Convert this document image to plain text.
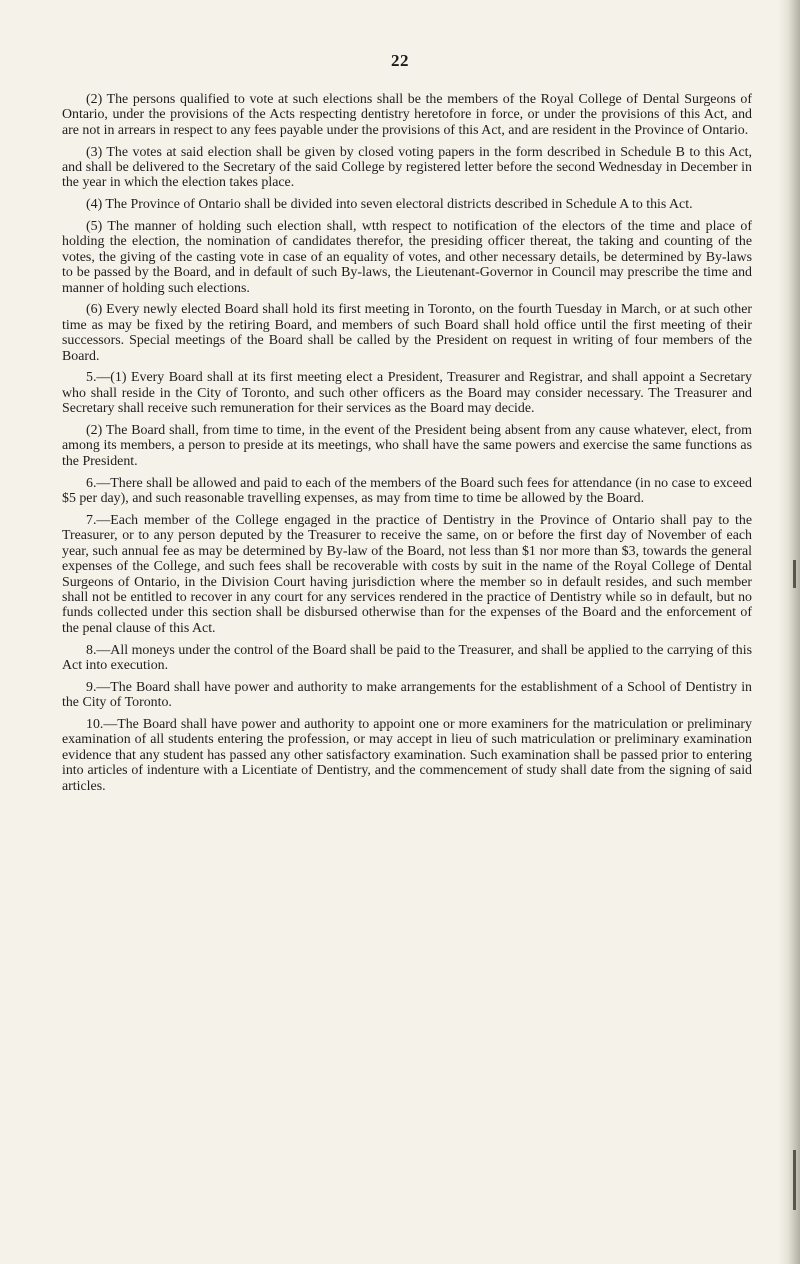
22

(2) The persons qualified to vote at such elections shall be the members of the Royal College of Dental Surgeons of Ontario, under the provisions of the Acts respecting dentistry heretofore in force, or under the provisions of this Act, and are not in arrears in respect to any fees payable under the provisions of this Act, and are resident in the Province of Ontario.

(3) The votes at said election shall be given by closed voting papers in the form described in Schedule B to this Act, and shall be delivered to the Secretary of the said College by registered letter before the second Wednesday in December in the year in which the election takes place.

(4) The Province of Ontario shall be divided into seven electoral districts described in Schedule A to this Act.

(5) The manner of holding such election shall, wtth respect to notification of the electors of the time and place of holding the election, the nomination of candidates therefor, the presiding officer thereat, the taking and counting of the votes, the giving of the casting vote in case of an equality of votes, and other necessary details, be determined by By-laws to be passed by the Board, and in default of such By-laws, the Lieutenant-Governor in Council may prescribe the time and manner of holding such elections.

(6) Every newly elected Board shall hold its first meeting in Toronto, on the fourth Tuesday in March, or at such other time as may be fixed by the retiring Board, and members of such Board shall hold office until the first meeting of their successors. Special meetings of the Board shall be called by the President on request in writing of four members of the Board.

5.—(1) Every Board shall at its first meeting elect a President, Treasurer and Registrar, and shall appoint a Secretary who shall reside in the City of Toronto, and such other officers as the Board may consider necessary. The Treasurer and Secretary shall receive such remuneration for their services as the Board may decide.

(2) The Board shall, from time to time, in the event of the President being absent from any cause whatever, elect, from among its members, a person to preside at its meetings, who shall have the same powers and exercise the same functions as the President.

6.—There shall be allowed and paid to each of the members of the Board such fees for attendance (in no case to exceed $5 per day), and such reasonable travelling expenses, as may from time to time be allowed by the Board.

7.—Each member of the College engaged in the practice of Dentistry in the Province of Ontario shall pay to the Treasurer, or to any person deputed by the Treasurer to receive the same, on or before the first day of November of each year, such annual fee as may be determined by By-law of the Board, not less than $1 nor more than $3, towards the general expenses of the College, and such fees shall be recoverable with costs by suit in the name of the Royal College of Dental Surgeons of Ontario, in the Division Court having jurisdiction where the member so in default resides, and such member shall not be entitled to recover in any court for any services rendered in the practice of Dentistry while so in default, but no funds collected under this section shall be disbursed otherwise than for the expenses of the Board and the enforcement of the penal clause of this Act.

8.—All moneys under the control of the Board shall be paid to the Treasurer, and shall be applied to the carrying of this Act into execution.

9.—The Board shall have power and authority to make arrangements for the establishment of a School of Dentistry in the City of Toronto.

10.—The Board shall have power and authority to appoint one or more examiners for the matriculation or preliminary examination of all students entering the profession, or may accept in lieu of such matriculation or preliminary examination evidence that any student has passed any other satisfactory examination. Such examination shall be passed prior to entering into articles of indenture with a Licentiate of Dentistry, and the commencement of study shall date from the signing of said articles.
